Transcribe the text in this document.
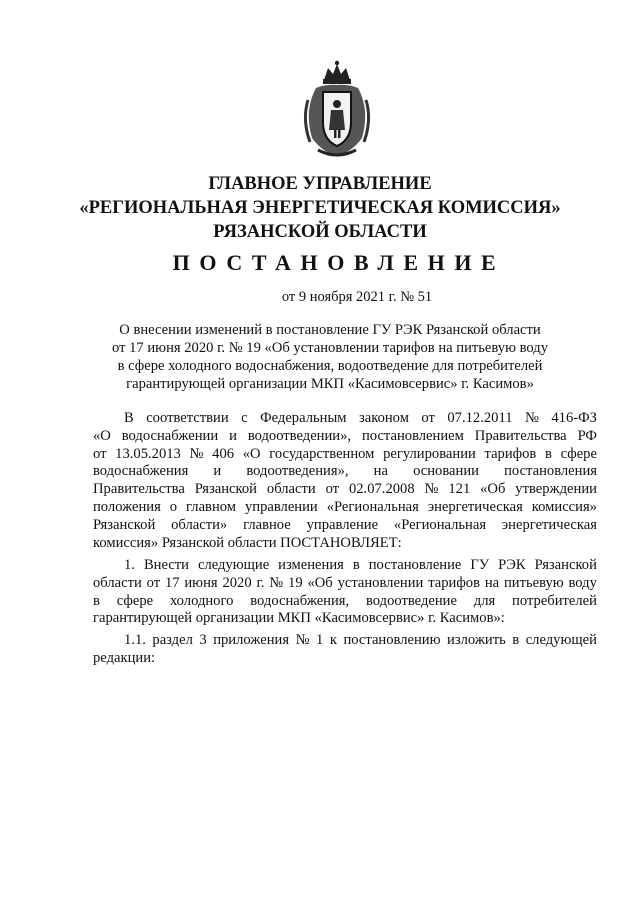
ГЛАВНОЕ УПРАВЛЕНИЕ
«РЕГИОНАЛЬНАЯ ЭНЕРГЕТИЧЕСКАЯ КОМИССИЯ»
РЯЗАНСКОЙ ОБЛАСТИ
ПОСТАНОВЛЕНИЕ
от 9 ноября 2021 г. № 51
О внесении изменений в постановление ГУ РЭК Рязанской области
от 17 июня 2020 г. № 19 «Об установлении тарифов на питьевую воду
в сфере холодного водоснабжения, водоотведение для потребителей
гарантирующей организации МКП «Касимовсервис» г. Касимов»
В соответствии с Федеральным законом от 07.12.2011 № 416-ФЗ
«О водоснабжении и водоотведении», постановлением Правительства РФ
от 13.05.2013 № 406 «О государственном регулировании тарифов в сфере
водоснабжения и водоотведения», на основании постановления
Правительства Рязанской области от 02.07.2008 № 121 «Об утверждении
положения о главном управлении «Региональная энергетическая комиссия»
Рязанской области» главное управление «Региональная энергетическая
комиссия» Рязанской области ПОСТАНОВЛЯЕТ:
1. Внести следующие изменения в постановление ГУ РЭК Рязанской
области от 17 июня 2020 г. № 19 «Об установлении тарифов на питьевую воду
в сфере холодного водоснабжения, водоотведение для потребителей
гарантирующей организации МКП «Касимовсервис» г. Касимов»:
1.1. раздел 3 приложения № 1 к постановлению изложить в следующей
редакции:
